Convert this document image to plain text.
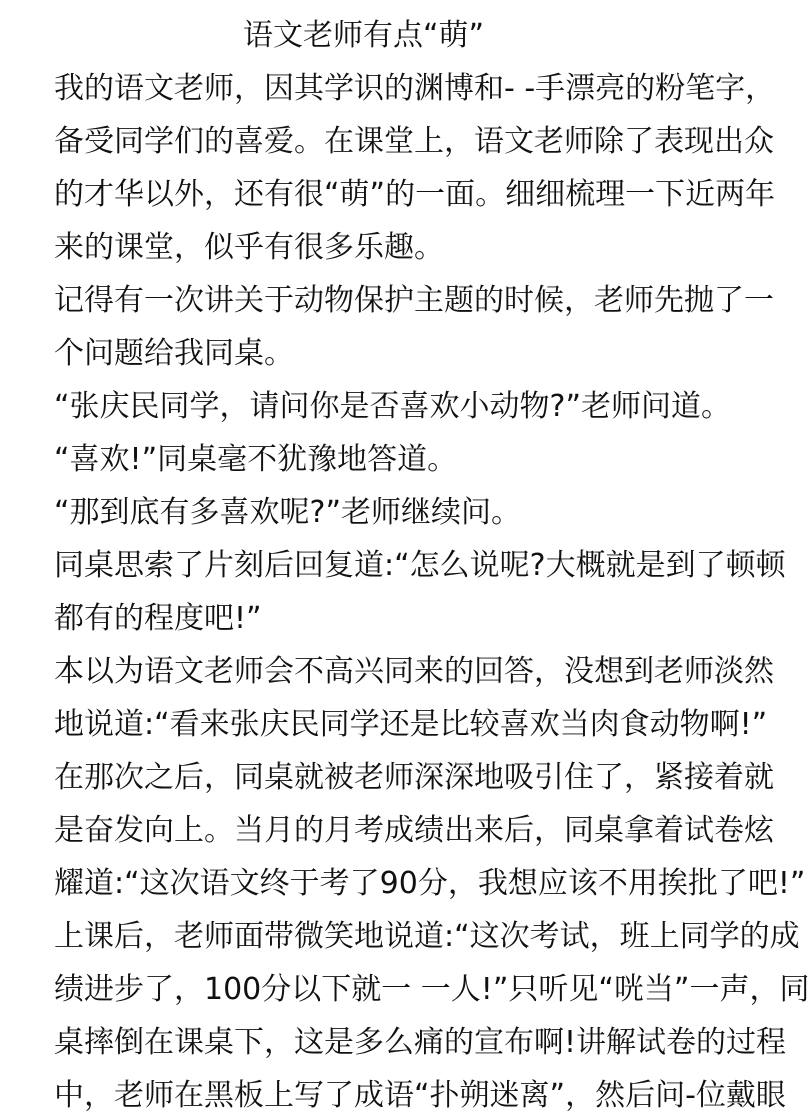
语文老师有点“萌”
我的语文老师，因其学识的渊博和- -手漂亮的粉笔字，
备受同学们的喜爱。在课堂上，语文老师除了表现出众
的才华以外，还有很“萌”的一面。细细梳理一下近两年
来的课堂，似乎有很多乐趣。
记得有一次讲关于动物保护主题的时候，老师先抛了一
个问题给我同桌。
“张庆民同学，请问你是否喜欢小动物?”老师问道。
“喜欢!”同桌毫不犹豫地答道。
“那到底有多喜欢呢?”老师继续问。
同桌思索了片刻后回复道:“怎么说呢?大概就是到了顿顿
都有的程度吧!”
本以为语文老师会不高兴同来的回答，没想到老师淡然
地说道:“看来张庆民同学还是比较喜欢当肉食动物啊!”
在那次之后，同桌就被老师深深地吸引住了，紧接着就
是奋发向上。当月的月考成绩出来后，同桌拿着试卷炫
耀道:“这次语文终于考了90分，我想应该不用挨批了吧!”
上课后，老师面带微笑地说道:“这次考试，班上同学的成
绩进步了，100分以下就一 一人!”只听见“咣当”一声，同
桌摔倒在课桌下，这是多么痛的宣布啊!讲解试卷的过程
中，老师在黑板上写了成语“扑朔迷离”，然后问-位戴眼
